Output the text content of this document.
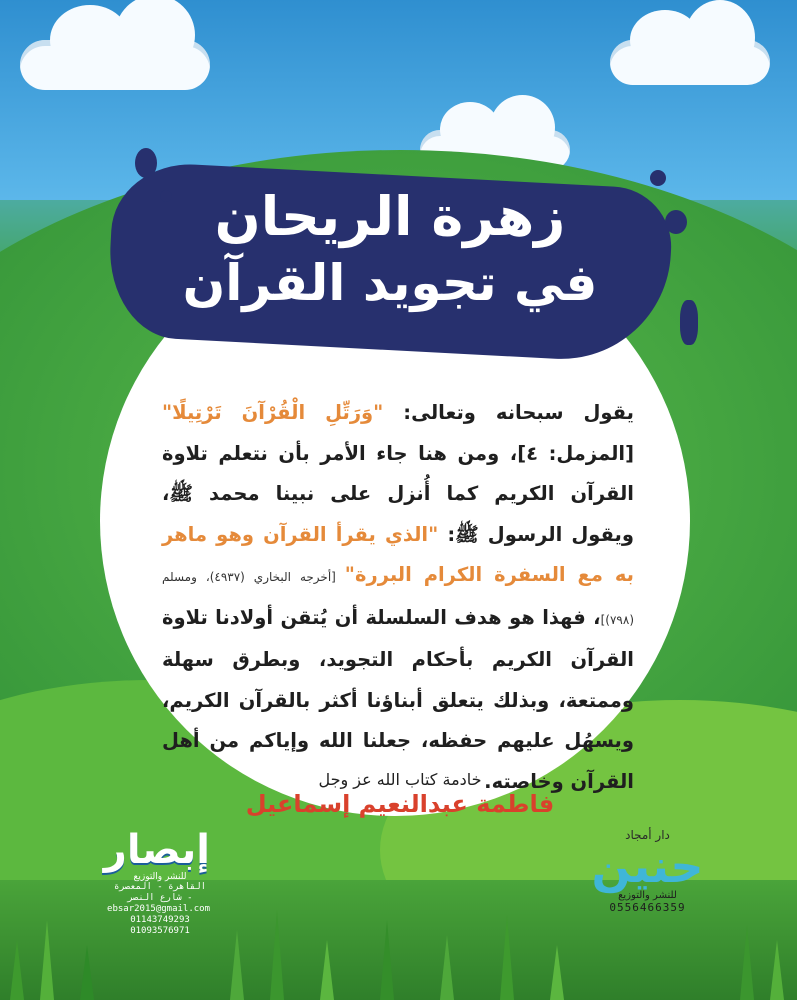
زهرة الريحان
في تجويد القرآن
يقول سبحانه وتعالى: "وَرَتِّلِ الْقُرْآنَ تَرْتِيلًا" [المزمل: ٤]، ومن هنا جاء الأمر بأن نتعلم تلاوة القرآن الكريم كما أُنزل على نبينا محمد ﷺ، ويقول الرسول ﷺ: "الذي يقرأ القرآن وهو ماهر به مع السفرة الكرام البررة" [أخرجه البخاري (٤٩٣٧)، ومسلم (٧٩٨)]، فهذا هو هدف السلسلة أن يُتقن أولادنا تلاوة القرآن الكريم بأحكام التجويد، وبطرق سهلة وممتعة، وبذلك يتعلق أبناؤنا أكثر بالقرآن الكريم، ويسهُل عليهم حفظه، جعلنا الله وإياكم من أهل القرآن وخاصته.
خادمة كتاب الله عز وجل
فاطمة عبدالنعيم إسماعيل
إبصار
للنشر والتوزيع
القاهرة - المعصرة - شارع النصر
ebsar2015@gmail.com
01143749293
01093576971
دار أمجاد
حنين
للنشر والتوزيع
0556466359
